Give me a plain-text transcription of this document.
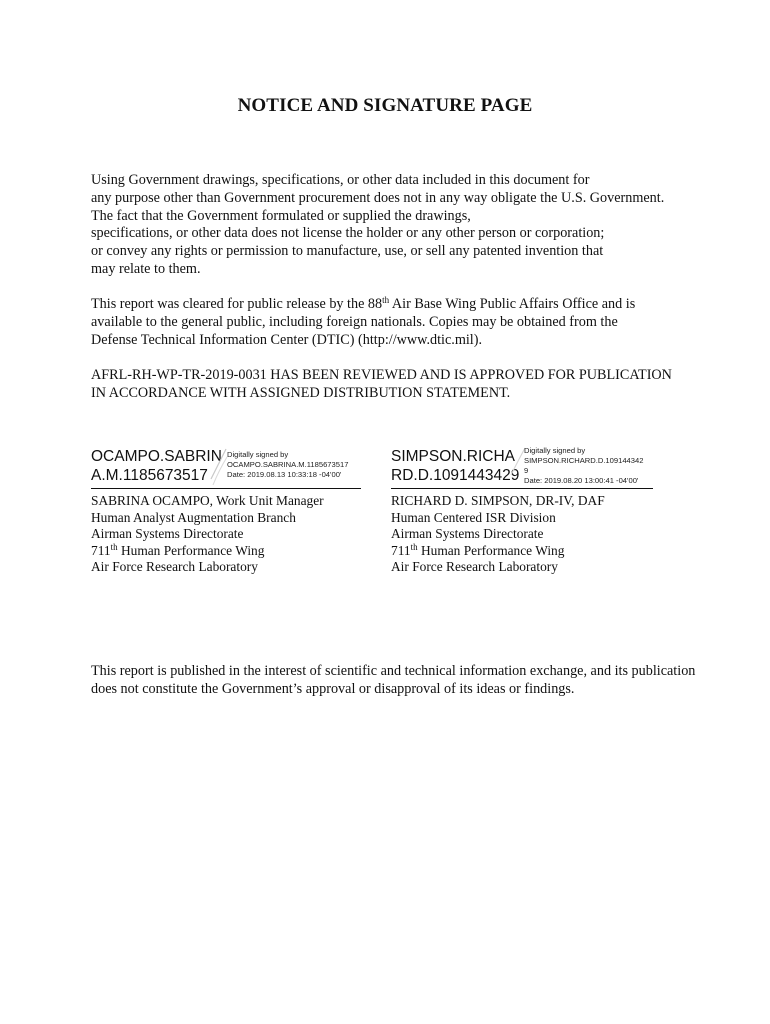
NOTICE AND SIGNATURE PAGE
Using Government drawings, specifications, or other data included in this document for
any purpose other than Government procurement does not in any way obligate the U.S. Government.
The fact that the Government formulated or supplied the drawings,
specifications, or other data does not license the holder or any other person or corporation;
or convey any rights or permission to manufacture, use, or sell any patented invention that
may relate to them.
This report was cleared for public release by the 88th Air Base Wing Public Affairs Office and is
available to the general public, including foreign nationals. Copies may be obtained from the
Defense Technical Information Center (DTIC) (http://www.dtic.mil).
AFRL-RH-WP-TR-2019-0031 HAS BEEN REVIEWED AND IS APPROVED FOR PUBLICATION
IN ACCORDANCE WITH ASSIGNED DISTRIBUTION STATEMENT.
OCAMPO.SABRIN
A.M.1185673517
Digitally signed by
OCAMPO.SABRINA.M.1185673517
Date: 2019.08.13 10:33:18 -04'00'
SABRINA OCAMPO, Work Unit Manager
Human Analyst Augmentation Branch
Airman Systems Directorate
711th Human Performance Wing
Air Force Research Laboratory
SIMPSON.RICHA
RD.D.1091443429
Digitally signed by
SIMPSON.RICHARD.D.109144342
9
Date: 2019.08.20 13:00:41 -04'00'
RICHARD D. SIMPSON, DR-IV, DAF
Human Centered ISR Division
Airman Systems Directorate
711th Human Performance Wing
Air Force Research Laboratory
This report is published in the interest of scientific and technical information exchange, and its publication
does not constitute the Government’s approval or disapproval of its ideas or findings.
